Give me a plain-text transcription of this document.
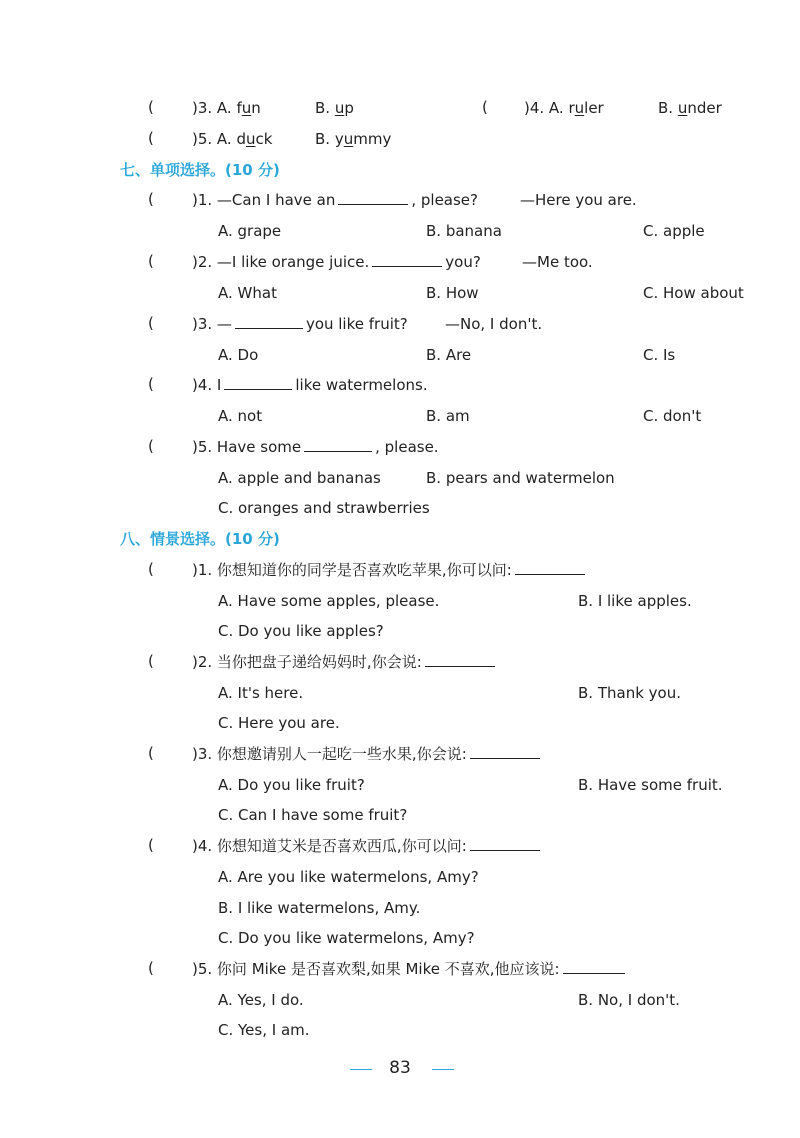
(	)3. A. fun	B. up	( )4. A. ruler	B. under
(	)5. A. duck	B. yummy
七、单项选择。(10 分)
(	)1. —Can I have an	, please?	—Here you are.
A. grape	B. banana	C. apple
(	)2. —I like orange juice.	you?	—Me too.
A. What	B. How	C. How about
(	)3. —	you like fruit? —No, I don't.
A. Do	B. Are	C. Is
(	)4. I	like watermelons.
A. not	B. am	C. don't
(	)5. Have some	, please.
A. apple and bananas	B. pears and watermelon
C. oranges and strawberries
八、情景选择。(10 分)
(	)1. 你想知道你的同学是否喜欢吃苹果,你可以问:
A. Have some apples, please.	B. I like apples.
C. Do you like apples?
(	)2. 当你把盘子递给妈妈时,你会说:
A. It's here.	B. Thank you.
C. Here you are.
(	)3. 你想邀请别人一起吃一些水果,你会说:
A. Do you like fruit?	B. Have some fruit.
C. Can I have some fruit?
(	)4. 你想知道艾米是否喜欢西瓜,你可以问:
A. Are you like watermelons, Amy?
B. I like watermelons, Amy.
C. Do you like watermelons, Amy?
(	)5. 你问 Mike 是否喜欢梨,如果 Mike 不喜欢,他应该说:
A. Yes, I do.	B. No, I don't.
C. Yes, I am.
83
